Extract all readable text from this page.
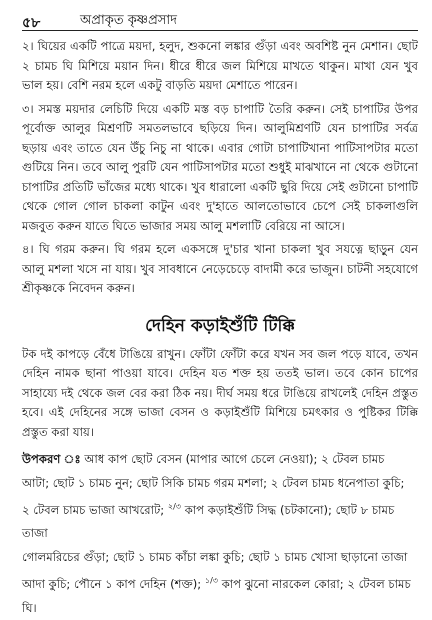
৫৮	অপ্রাকৃত কৃষ্ণপ্রসাদ

২। ঘিয়ের একটি পাত্রে ময়দা, হলুদ, শুকনো লঙ্কার গুঁড়া এবং অবশিষ্ট নুন মেশান। ছোট ২ চামচ ঘি মিশিয়ে ময়ান দিন। ধীরে ধীরে জল মিশিয়ে মাখতে থাকুন। মাখা যেন খুব ভাল হয়। বেশি নরম হলে একটু বাড়তি ময়দা মেশাতে পারেন।

৩। সমস্ত ময়দার লেচিটি দিয়ে একটি মস্ত বড় চাপাটি তৈরি করুন। সেই চাপাটির উপর পূর্বোক্ত আলুর মিশ্রণটি সমতলভাবে ছড়িয়ে দিন। আলুমিশ্রণটি যেন চাপাটির সর্বত্র ছড়ায় এবং তাতে যেন উঁচু নিচু না থাকে। এবার গোটা চাপাটিখানা পাটিসাপটার মতো গুটিয়ে নিন। তবে আলু পুরটি যেন পাটিসাপটার মতো শুধুই মাঝখানে না থেকে গুটানো চাপাটির প্রতিটি ভাঁজের মধ্যে থাকে। খুব ধারালো একটি ছুরি দিয়ে সেই গুটানো চাপাটি থেকে গোল গোল চাকলা কাটুন এবং দু'হাতে আলতোভাবে চেপে সেই চাকলাগুলি মজবুত করুন যাতে ঘিতে ভাজার সময় আলু মশলাটি বেরিয়ে না আসে।

৪। ঘি গরম করুন। ঘি গরম হলে একসঙ্গে দু'চার খানা চাকলা খুব সযত্নে ছাড়ুন যেন আলু মশলা খসে না যায়। খুব সাবধানে নেড়েচেড়ে বাদামী করে ভাজুন। চাটনী সহযোগে শ্রীকৃষ্ণকে নিবেদন করুন।

দেহিন কড়াইশুঁটি টিক্কি

টক দই কাপড়ে বেঁধে টাঙিয়ে রাখুন। ফোঁটা ফোঁটা করে যখন সব জল পড়ে যাবে, তখন দেহিন নামক ছানা পাওয়া যাবে। দেহিন যত শক্ত হয় ততই ভাল। তবে কোন চাপের সাহায্যে দই থেকে জল বের করা ঠিক নয়। দীর্ঘ সময় ধরে টাঙিয়ে রাখলেই দেহিন প্রস্তুত হবে। এই দেহিনের সঙ্গে ভাজা বেসন ও কড়াইশুঁটি মিশিয়ে চমৎকার ও পুষ্টিকর টিক্কি প্রস্তুত করা যায়।

উপকরণ ঃ আধ কাপ ছোট বেসন (মাপার আগে চেলে নেওয়া); ২ টেবল চামচ

আটা; ছোট ১ চামচ নুন; ছোট সিকি চামচ গরম মশলা; ২ টেবল চামচ ধনেপাতা কুচি;

২ টেবল চামচ ভাজা আখরোট; $^{২/৩}$ কাপ কড়াইশুঁটি সিদ্ধ (চটকানো); ছোট ৮ চামচ তাজা

গোলমরিচের গুঁড়া; ছোট ১ চামচ কাঁচা লঙ্কা কুচি; ছোট ১ চামচ খোসা ছাড়ানো তাজা

আদা কুচি; পৌনে ১ কাপ দেহিন (শক্ত); $^{১/৩}$ কাপ ঝুনো নারকেল কোরা; ২ টেবল চামচ

ঘি।
